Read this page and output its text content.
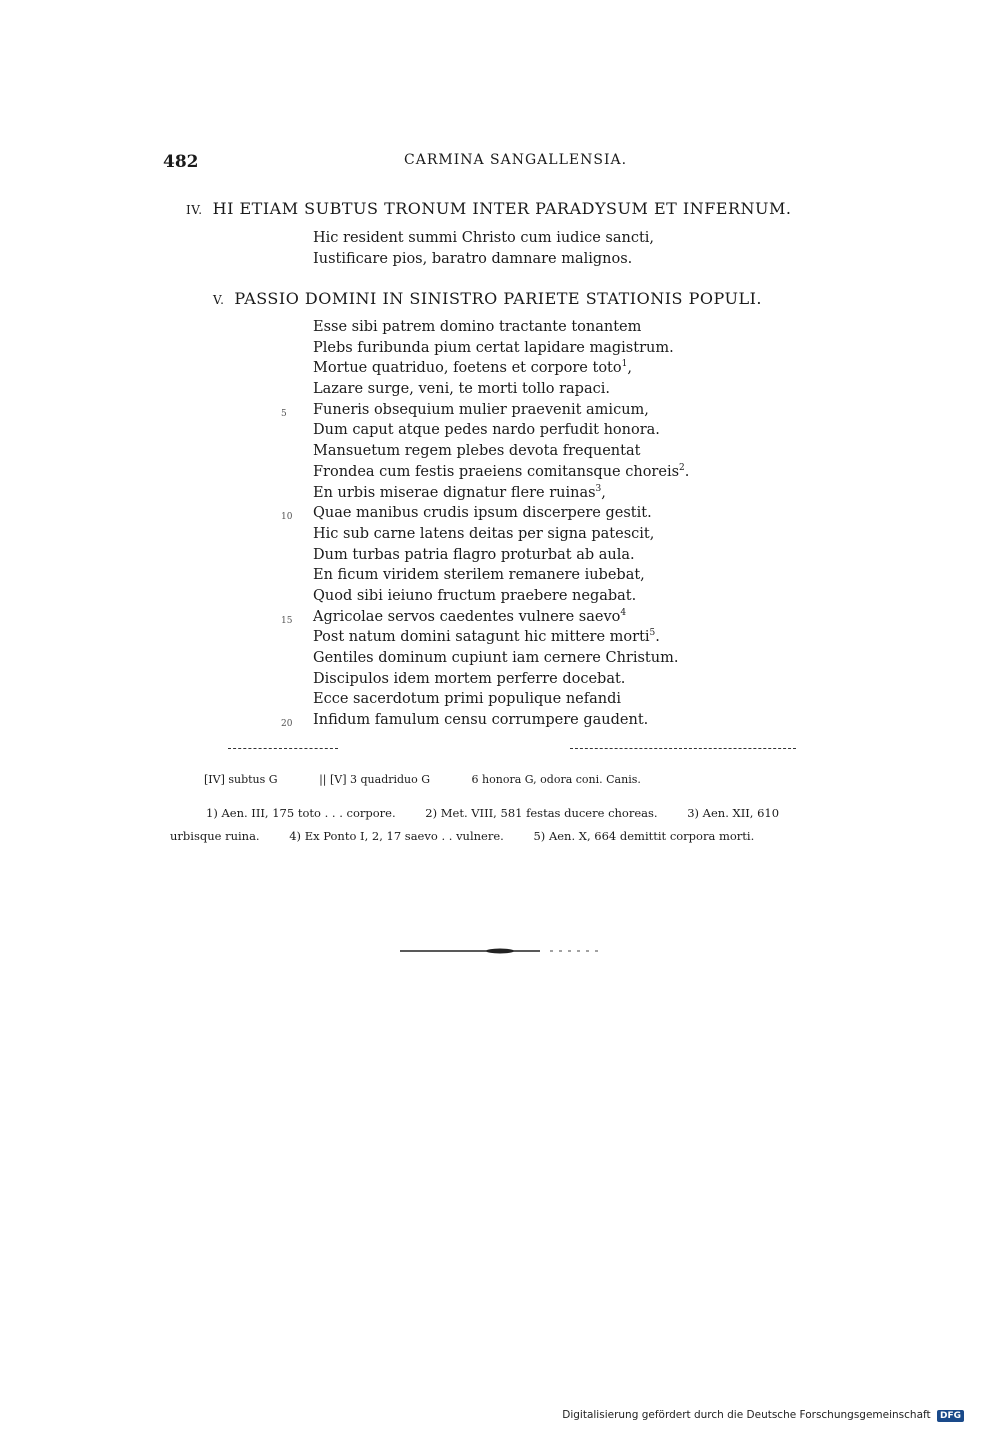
482	CARMINA SANGALLENSIA.
IV. HI ETIAM SUBTUS TRONUM INTER PARADYSUM ET INFERNUM.
Hic resident summi Christo cum iudice sancti,
Iustificare pios, baratro damnare malignos.
V. PASSIO DOMINI IN SINISTRO PARIETE STATIONIS POPULI.
Esse sibi patrem domino tractante tonantem
Plebs furibunda pium certat lapidare magistrum.
Mortue quatriduo, foetens et corpore toto$^1$,
Lazare surge, veni, te morti tollo rapaci.
5 Funeris obsequium mulier praevenit amicum,
Dum caput atque pedes nardo perfudit honora.
Mansuetum regem plebes devota frequentat
Frondea cum festis praeiens comitansque choreis$^2$.
En urbis miserae dignatur flere ruinas$^3$,
10 Quae manibus crudis ipsum discerpere gestit.
Hic sub carne latens deitas per signa patescit,
Dum turbas patria flagro proturbat ab aula.
En ficum viridem sterilem remanere iubebat,
Quod sibi ieiuno fructum praebere negabat.
15 Agricolae servos caedentes vulnere saevo$^4$
Post natum domini satagunt hic mittere morti$^5$.
Gentiles dominum cupiunt iam cernere Christum.
Discipulos idem mortem perferre docebat.
Ecce sacerdotum primi populique nefandi
20 Infidum famulum censu corrumpere gaudent.
[IV] subtus G	|| [V] 3 quadriduo G	6 honora G, odora coni. Canis.
1) Aen. III, 175 toto . . . corpore.	2) Met. VIII, 581 festas ducere choreas.	3) Aen. XII, 610
urbisque ruina.	4) Ex Ponto I, 2, 17 saevo . . vulnere.	5) Aen. X, 664 demittit corpora morti.
Digitalisierung gefördert durch die Deutsche Forschungsgemeinschaft DFG
